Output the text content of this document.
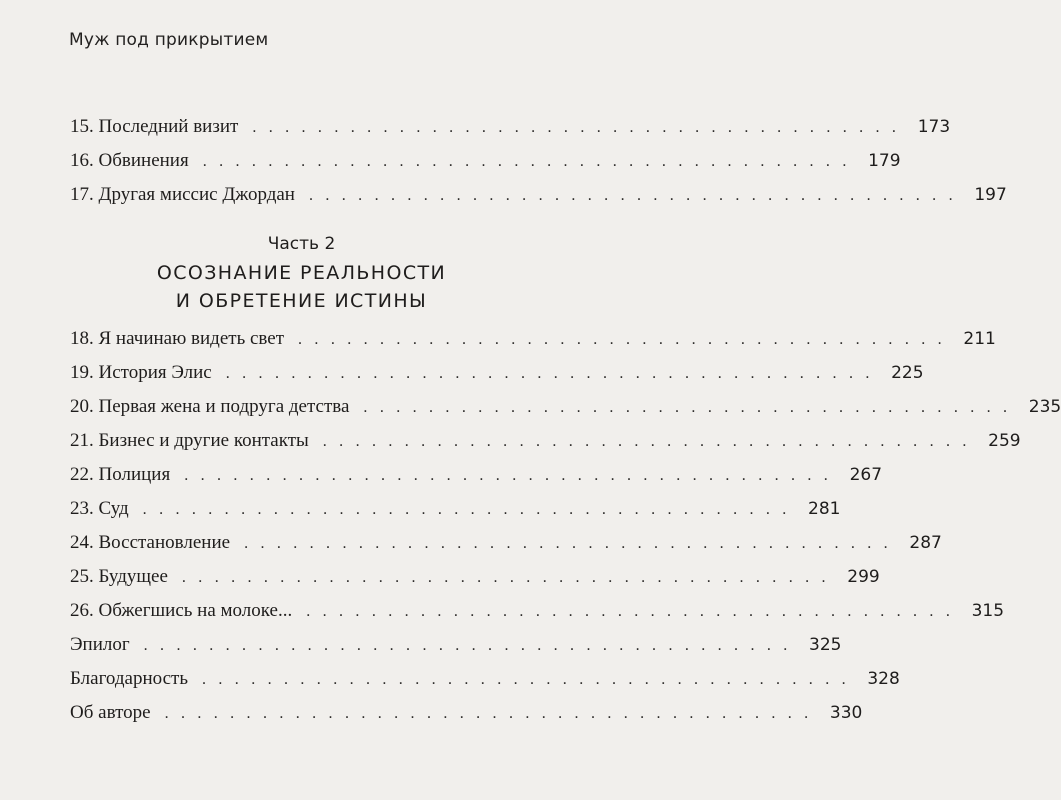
Муж под прикрытием
15. Последний визит . . . . . . . . . . . . . . . . . . . . . . . . . . . . . . . . . . . . . . . . 173
16. Обвинения . . . . . . . . . . . . . . . . . . . . . . . . . . . . . . . . . . . . . . . . 179
17. Другая миссис Джордан . . . . . . . . . . . . . . . . . . . . . . . . . . . . . . . . . . . . . . . . 197
Часть 2
ОСОЗНАНИЕ РЕАЛЬНОСТИ
И ОБРЕТЕНИЕ ИСТИНЫ
18. Я начинаю видеть свет . . . . . . . . . . . . . . . . . . . . . . . . . . . . . . . . . . . . . . . . 211
19. История Элис . . . . . . . . . . . . . . . . . . . . . . . . . . . . . . . . . . . . . . . . 225
20. Первая жена и подруга детства . . . . . . . . . . . . . . . . . . . . . . . . . . . . . . . . . . . . . . . . 235
21. Бизнес и другие контакты . . . . . . . . . . . . . . . . . . . . . . . . . . . . . . . . . . . . . . . . 259
22. Полиция . . . . . . . . . . . . . . . . . . . . . . . . . . . . . . . . . . . . . . . . 267
23. Суд . . . . . . . . . . . . . . . . . . . . . . . . . . . . . . . . . . . . . . . . 281
24. Восстановление . . . . . . . . . . . . . . . . . . . . . . . . . . . . . . . . . . . . . . . . 287
25. Будущее . . . . . . . . . . . . . . . . . . . . . . . . . . . . . . . . . . . . . . . . 299
26. Обжегшись на молоке... . . . . . . . . . . . . . . . . . . . . . . . . . . . . . . . . . . . . . . . . 315
Эпилог . . . . . . . . . . . . . . . . . . . . . . . . . . . . . . . . . . . . . . . . 325
Благодарность . . . . . . . . . . . . . . . . . . . . . . . . . . . . . . . . . . . . . . . . 328
Об авторе . . . . . . . . . . . . . . . . . . . . . . . . . . . . . . . . . . . . . . . . 330
